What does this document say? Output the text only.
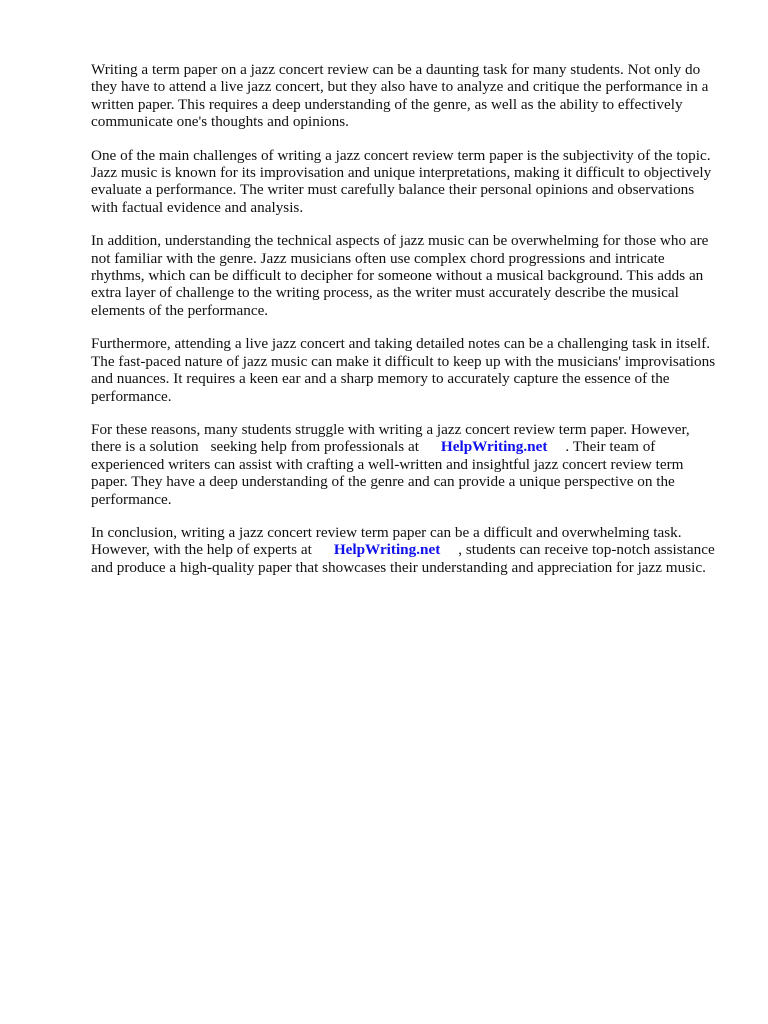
Writing a term paper on a jazz concert review can be a daunting task for many students. Not only do they have to attend a live jazz concert, but they also have to analyze and critique the performance in a written paper. This requires a deep understanding of the genre, as well as the ability to effectively communicate one's thoughts and opinions.

One of the main challenges of writing a jazz concert review term paper is the subjectivity of the topic. Jazz music is known for its improvisation and unique interpretations, making it difficult to objectively evaluate a performance. The writer must carefully balance their personal opinions and observations with factual evidence and analysis.

In addition, understanding the technical aspects of jazz music can be overwhelming for those who are not familiar with the genre. Jazz musicians often use complex chord progressions and intricate rhythms, which can be difficult to decipher for someone without a musical background. This adds an extra layer of challenge to the writing process, as the writer must accurately describe the musical elements of the performance.

Furthermore, attending a live jazz concert and taking detailed notes can be a challenging task in itself. The fast-paced nature of jazz music can make it difficult to keep up with the musicians' improvisations and nuances. It requires a keen ear and a sharp memory to accurately capture the essence of the performance.

For these reasons, many students struggle with writing a jazz concert review term paper. However, there is a solution seeking help from professionals at HelpWriting.net . Their team of experienced writers can assist with crafting a well-written and insightful jazz concert review term paper. They have a deep understanding of the genre and can provide a unique perspective on the performance.

In conclusion, writing a jazz concert review term paper can be a difficult and overwhelming task. However, with the help of experts at HelpWriting.net , students can receive top-notch assistance and produce a high-quality paper that showcases their understanding and appreciation for jazz music.
